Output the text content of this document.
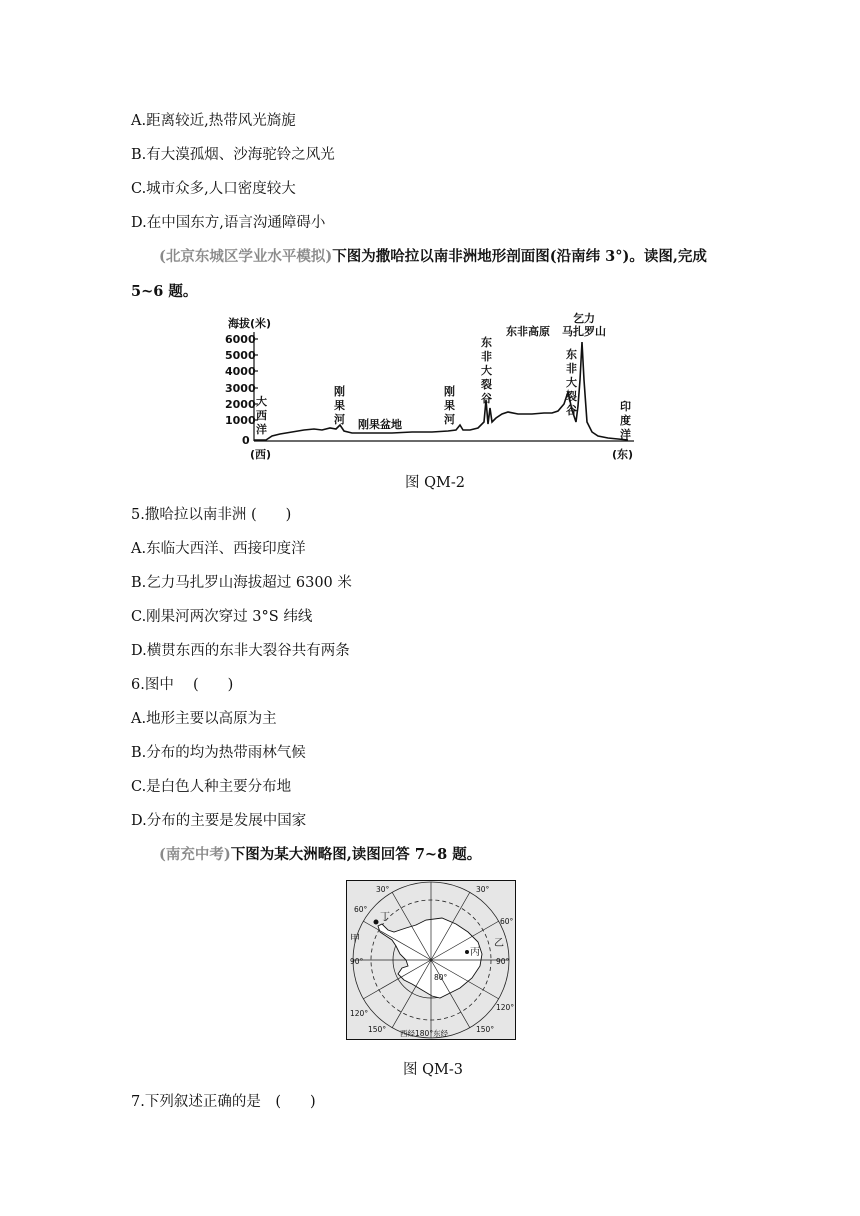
A.距离较近,热带风光旖旎
B.有大漠孤烟、沙海驼铃之风光
C.城市众多,人口密度较大
D.在中国东方,语言沟通障碍小
(北京东城区学业水平模拟)下图为撒哈拉以南非洲地形剖面图(沿南纬 3°)。读图,完成
5~6 题。
海拔(米)
6000
5000
4000
3000
2000
1000
0
(西)	(东)
大
西
洋
刚
果
河 刚果盆地
刚
果
河
东
非
大
裂
谷
东非高原
乞力
马扎罗山
东
非
大
裂
谷	印
度
洋
图 QM-2
5.撒哈拉以南非洲 (　　)
A.东临大西洋、西接印度洋
B.乞力马扎罗山海拔超过 6300 米
C.刚果河两次穿过 3°S 纬线
D.横贯东西的东非大裂谷共有两条
6.图中　 (　　)
A.地形主要以高原为主
B.分布的均为热带雨林气候
C.是白色人种主要分布地
D.分布的主要是发展中国家
(南充中考)下图为某大洲略图,读图回答 7~8 题。
丁
甲
丙
乙
30°	30°
60°
60°
90°	90°
120°
120°
150°	150°
西经180°东经
80°
图 QM-3
7.下列叙述正确的是　(　　)
